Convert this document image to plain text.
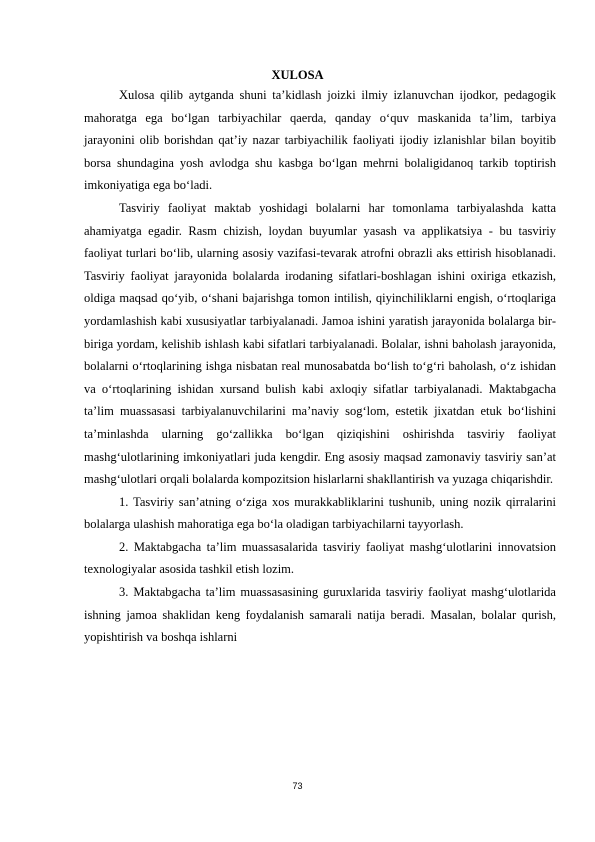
XULOSA

Xulosa qilib aytganda shuni ta’kidlash joizki ilmiy izlanuvchan ijodkor, pedagogik mahoratga ega bo‘lgan tarbiyachilar qaerda, qanday o‘quv maskanida ta’lim, tarbiya jarayonini olib borishdan qat’iy nazar tarbiyachilik faoliyati ijodiy izlanishlar bilan boyitib borsa shundagina yosh avlodga shu kasbga bo‘lgan mehrni bolaligidanoq tarkib toptirish imkoniyatiga ega bo‘ladi.

Tasviriy faoliyat maktab yoshidagi bolalarni har tomonlama tarbiyalashda katta ahamiyatga egadir. Rasm chizish, loydan buyumlar yasash va applikatsiya - bu tasviriy faoliyat turlari bo‘lib, ularning asosiy vazifasi-tevarak atrofni obrazli aks ettirish hisoblanadi. Tasviriy faoliyat jarayonida bolalarda irodaning sifatlari-boshlagan ishini oxiriga etkazish, oldiga maqsad qo‘yib, o‘shani bajarishga tomon intilish, qiyinchiliklarni engish, o‘rtoqlariga yordamlashish kabi xususiyatlar tarbiyalanadi. Jamoa ishini yaratish jarayonida bolalarga bir-biriga yordam, kelishib ishlash kabi sifatlari tarbiyalanadi. Bolalar, ishni baholash jarayonida, bolalarni o‘rtoqlarining ishga nisbatan real munosabatda bo‘lish to‘g‘ri baholash, o‘z ishidan va o‘rtoqlarining ishidan xursand bulish kabi axloqiy sifatlar tarbiyalanadi. Maktabgacha ta’lim muassasasi tarbiyalanuvchilarini ma’naviy sog‘lom, estetik jixatdan etuk bo‘lishini ta’minlashda ularning go‘zallikka bo‘lgan qiziqishini oshirishda tasviriy faoliyat mashg‘ulotlarining imkoniyatlari juda kengdir. Eng asosiy maqsad zamonaviy tasviriy san’at mashg‘ulotlari orqali bolalarda kompozitsion hislarlarni shakllantirish va yuzaga chiqarishdir.

1. Tasviriy san’atning o‘ziga xos murakkabliklarini tushunib, uning nozik qirralarini bolalarga ulashish mahoratiga ega bo‘la oladigan tarbiyachilarni tayyorlash.

2. Maktabgacha ta’lim muassasalarida tasviriy faoliyat mashg‘ulotlarini innovatsion texnologiyalar asosida tashkil etish lozim.

3. Maktabgacha ta’lim muassasasining guruxlarida tasviriy faoliyat mashg‘ulotlarida ishning jamoa shaklidan keng foydalanish samarali natija beradi. Masalan, bolalar qurish, yopishtirish va boshqa ishlarni

73
